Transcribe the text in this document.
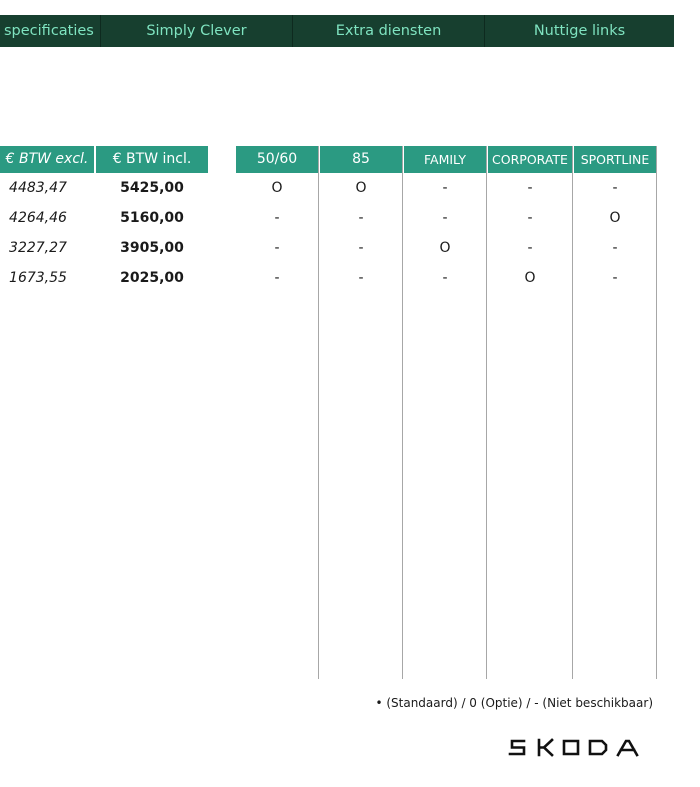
specificaties	Simply Clever	Extra diensten	Nuttige links
€ BTW excl.	€ BTW incl.	50/60	85	FAMILY	CORPORATE	SPORTLINE
4483,47	5425,00	O	O	-	-	-
4264,46	5160,00	-	-	-	-	O
3227,27	3905,00	-	-	O	-	-
1673,55	2025,00	-	-	-	O	-
• (Standaard) / 0 (Optie) / - (Niet beschikbaar)
